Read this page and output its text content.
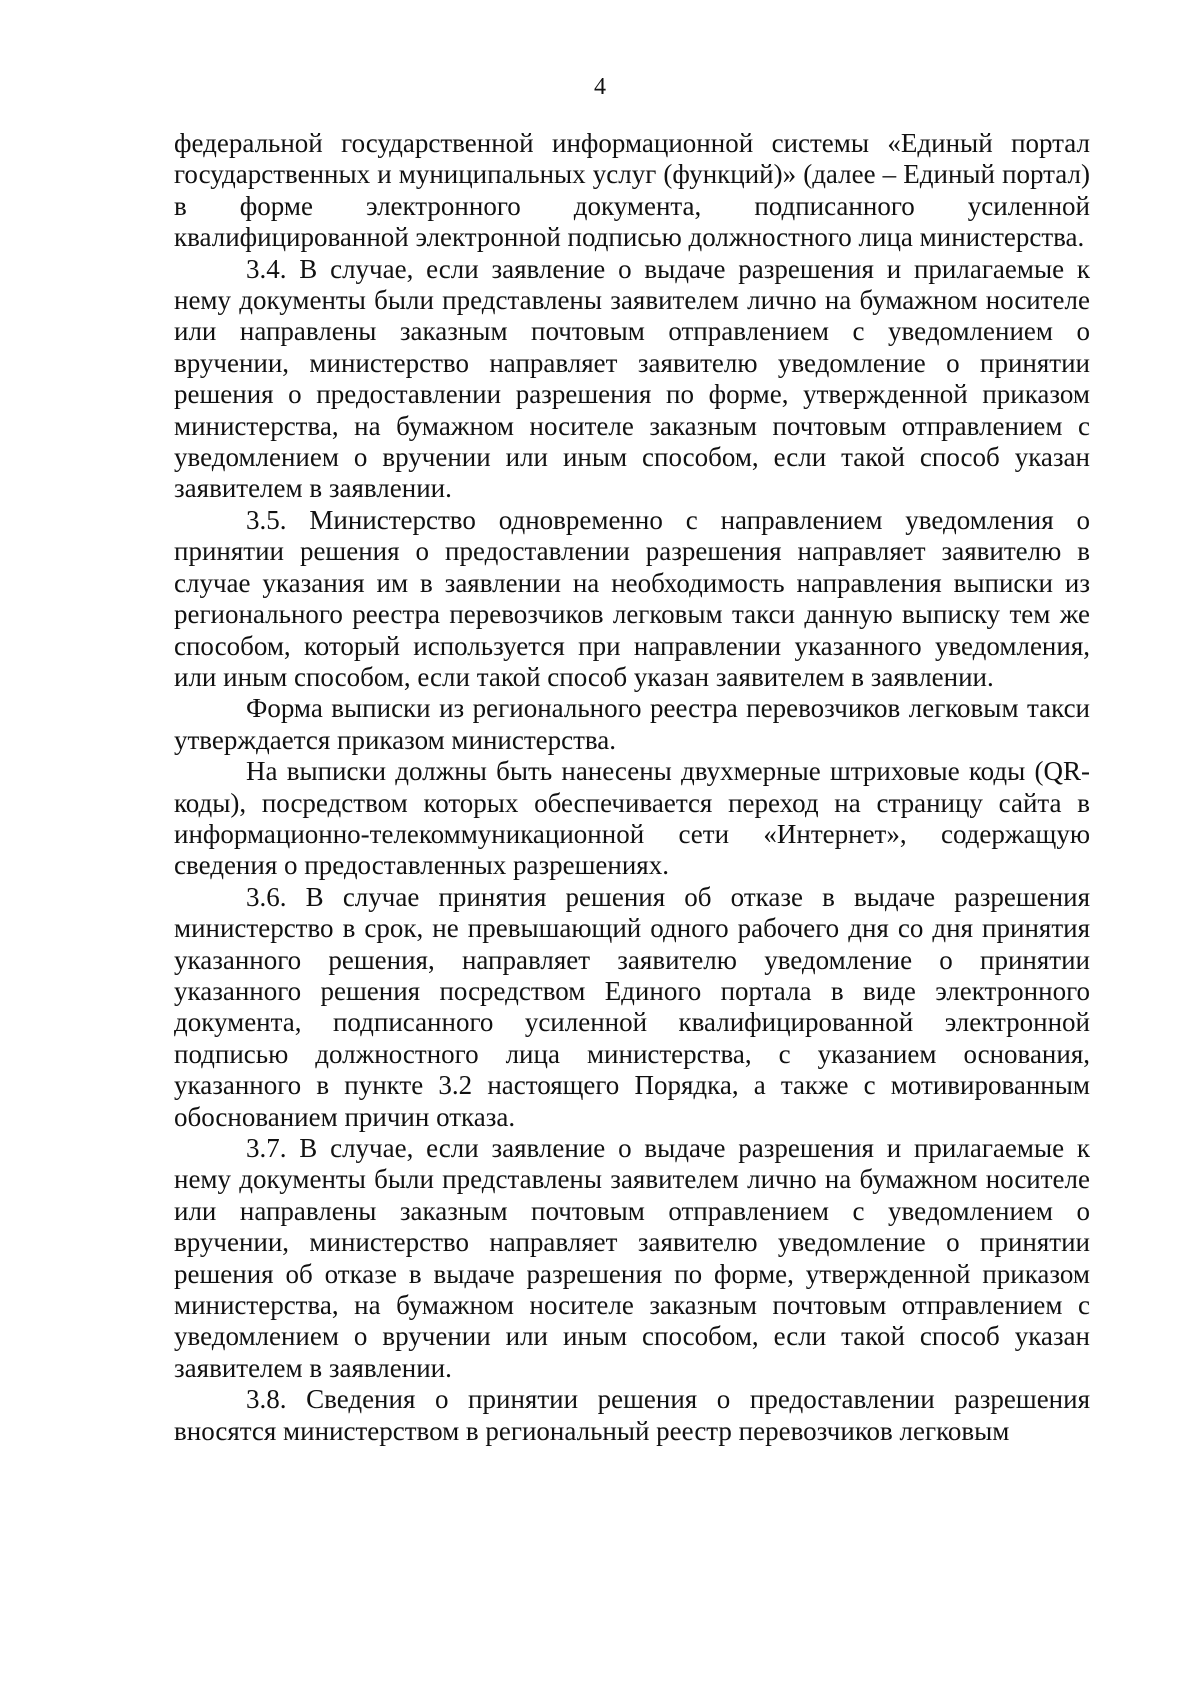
4

федеральной государственной информационной системы «Единый портал государственных и муниципальных услуг (функций)» (далее – Единый портал) в форме электронного документа, подписанного усиленной квалифицированной электронной подписью должностного лица министерства.

3.4. В случае, если заявление о выдаче разрешения и прилагаемые к нему документы были представлены заявителем лично на бумажном носителе или направлены заказным почтовым отправлением с уведомлением о вручении, министерство направляет заявителю уведомление о принятии решения о предоставлении разрешения по форме, утвержденной приказом министерства, на бумажном носителе заказным почтовым отправлением с уведомлением о вручении или иным способом, если такой способ указан заявителем в заявлении.

3.5. Министерство одновременно с направлением уведомления о принятии решения о предоставлении разрешения направляет заявителю в случае указания им в заявлении на необходимость направления выписки из регионального реестра перевозчиков легковым такси данную выписку тем же способом, который используется при направлении указанного уведомления, или иным способом, если такой способ указан заявителем в заявлении.

Форма выписки из регионального реестра перевозчиков легковым такси утверждается приказом министерства.

На выписки должны быть нанесены двухмерные штриховые коды (QR-коды), посредством которых обеспечивается переход на страницу сайта в информационно-телекоммуникационной сети «Интернет», содержащую сведения о предоставленных разрешениях.

3.6. В случае принятия решения об отказе в выдаче разрешения министерство в срок, не превышающий одного рабочего дня со дня принятия указанного решения, направляет заявителю уведомление о принятии указанного решения посредством Единого портала в виде электронного документа, подписанного усиленной квалифицированной электронной подписью должностного лица министерства, с указанием основания, указанного в пункте 3.2 настоящего Порядка, а также с мотивированным обоснованием причин отказа.

3.7. В случае, если заявление о выдаче разрешения и прилагаемые к нему документы были представлены заявителем лично на бумажном носителе или направлены заказным почтовым отправлением с уведомлением о вручении, министерство направляет заявителю уведомление о принятии решения об отказе в выдаче разрешения по форме, утвержденной приказом министерства, на бумажном носителе заказным почтовым отправлением с уведомлением о вручении или иным способом, если такой способ указан заявителем в заявлении.

3.8. Сведения о принятии решения о предоставлении разрешения вносятся министерством в региональный реестр перевозчиков легковым
